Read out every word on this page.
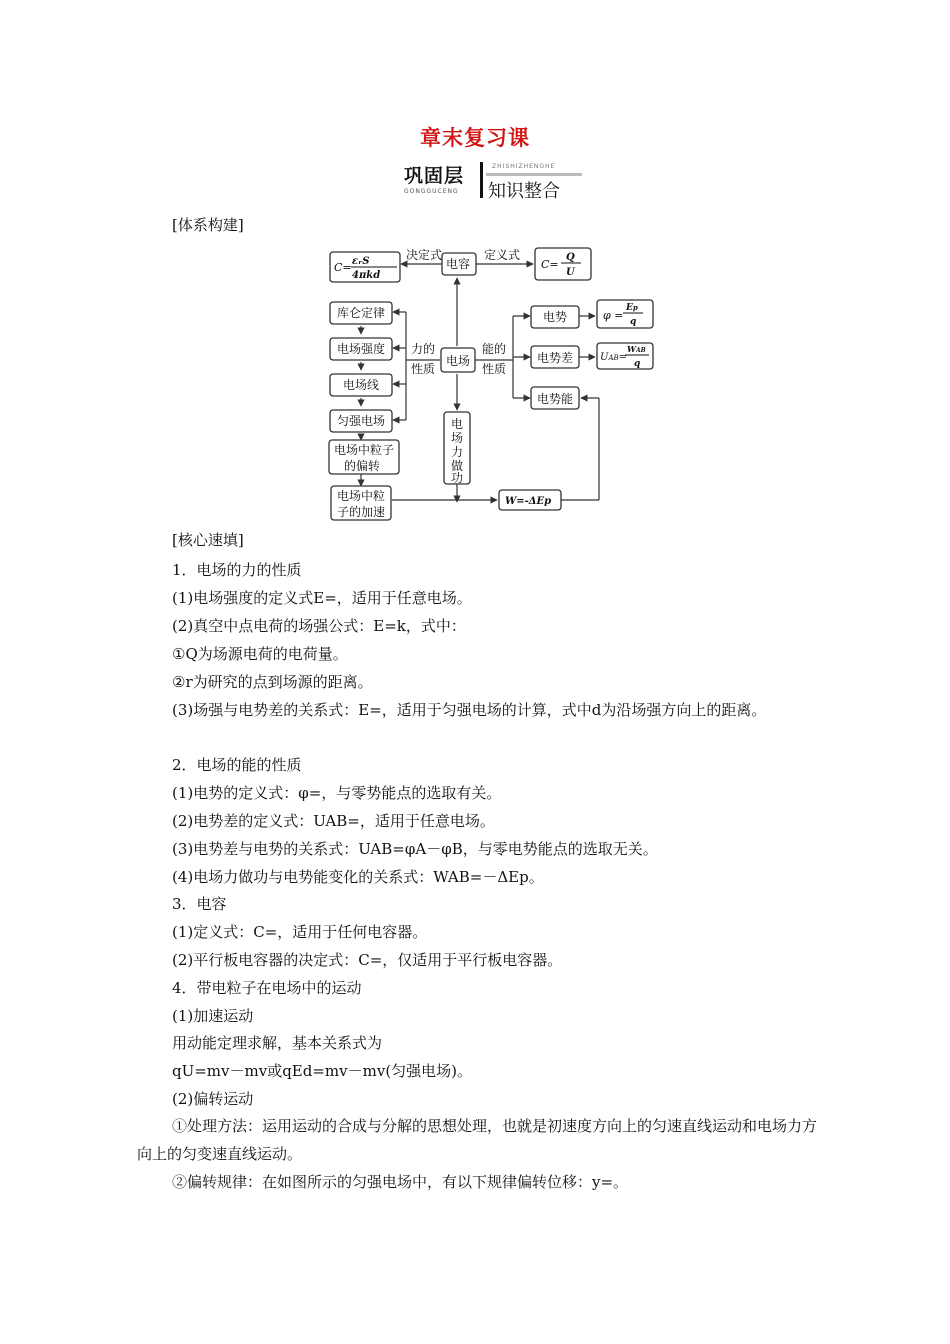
章末复习课
巩固层
GONGGUCENG
ZHISHIZHENGHE
知识整合
[体系构建]
C= εᵣS
4πkd
C=
Q
U
φ =
Ep
q
UAB=
WAB
q
电容
决定式	定义式
库仑定律
电场强度
电场线
匀强电场
电场中粒子
的偏转
电场中粒
子的加速
力的
性质
电场
能的
性质
电
场
力
做
功
电势
电势差
电势能
W=-ΔEp
[核心速填]
1．电场的力的性质
(1)电场强度的定义式E=，适用于任意电场。
(2)真空中点电荷的场强公式：E=k，式中：
①Q为场源电荷的电荷量。
②r为研究的点到场源的距离。
(3)场强与电势差的关系式：E=，适用于匀强电场的计算，式中d为沿场强方向上的距离。
2．电场的能的性质
(1)电势的定义式：φ=，与零势能点的选取有关。
(2)电势差的定义式：UAB=，适用于任意电场。
(3)电势差与电势的关系式：UAB=φA－φB，与零电势能点的选取无关。
(4)电场力做功与电势能变化的关系式：WAB=－ΔEp。
3．电容
(1)定义式：C=，适用于任何电容器。
(2)平行板电容器的决定式：C=，仅适用于平行板电容器。
4．带电粒子在电场中的运动
(1)加速运动
用动能定理求解，基本关系式为
qU=mv－mv或qEd=mv－mv(匀强电场)。
(2)偏转运动
①处理方法：运用运动的合成与分解的思想处理，也就是初速度方向上的匀速直线运动和电场力方向上的匀变速直线运动。
②偏转规律：在如图所示的匀强电场中，有以下规律偏转位移：y=。
